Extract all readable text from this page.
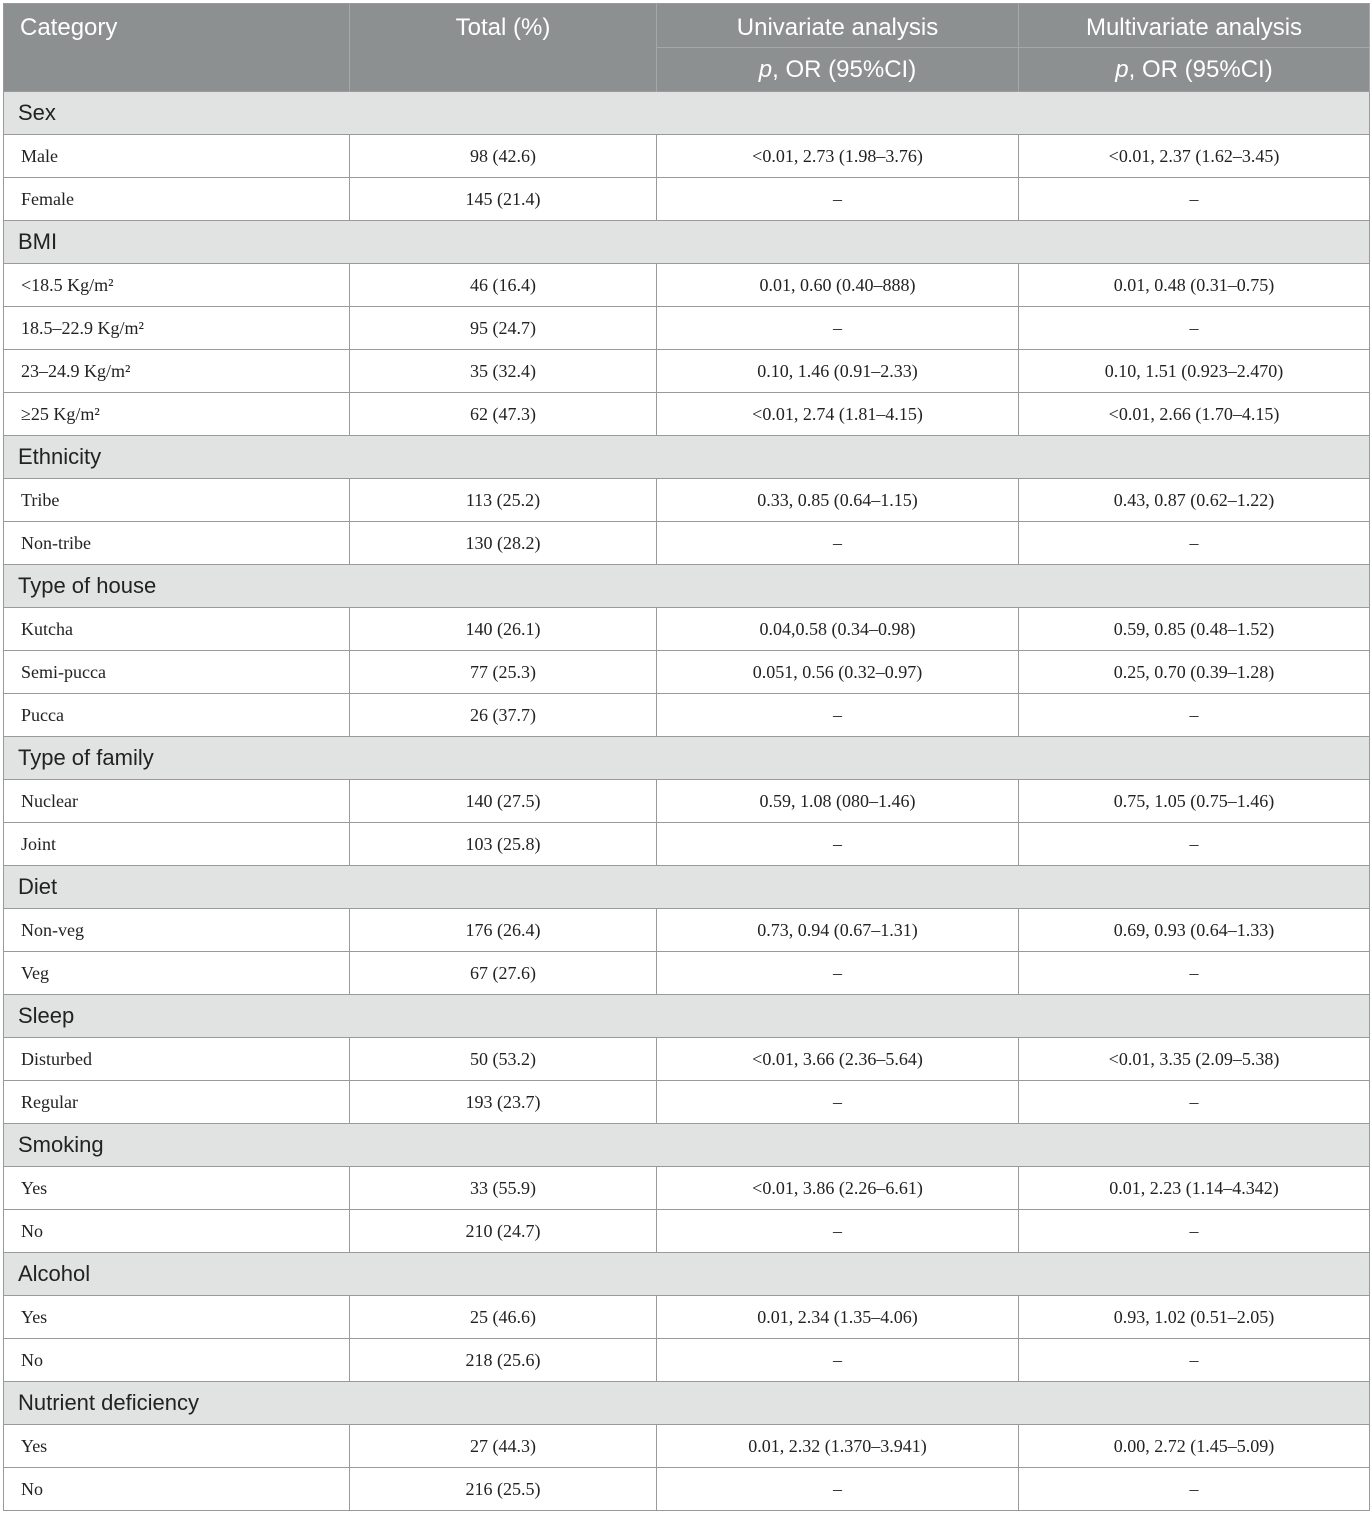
Category	Total (%)	Univariate analysis	Multivariate analysis
		p, OR (95%CI)	p, OR (95%CI)
Sex			
Male	98 (42.6)	<0.01, 2.73 (1.98–3.76)	<0.01, 2.37 (1.62–3.45)
Female	145 (21.4)	–	–
BMI			
<18.5 Kg/m²	46 (16.4)	0.01, 0.60 (0.40–888)	0.01, 0.48 (0.31–0.75)
18.5–22.9 Kg/m²	95 (24.7)	–	–
23–24.9 Kg/m²	35 (32.4)	0.10, 1.46 (0.91–2.33)	0.10, 1.51 (0.923–2.470)
≥25 Kg/m²	62 (47.3)	<0.01, 2.74 (1.81–4.15)	<0.01, 2.66 (1.70–4.15)
Ethnicity			
Tribe	113 (25.2)	0.33, 0.85 (0.64–1.15)	0.43, 0.87 (0.62–1.22)
Non-tribe	130 (28.2)	–	–
Type of house			
Kutcha	140 (26.1)	0.04,0.58 (0.34–0.98)	0.59, 0.85 (0.48–1.52)
Semi-pucca	77 (25.3)	0.051, 0.56 (0.32–0.97)	0.25, 0.70 (0.39–1.28)
Pucca	26 (37.7)	–	–
Type of family			
Nuclear	140 (27.5)	0.59, 1.08 (080–1.46)	0.75, 1.05 (0.75–1.46)
Joint	103 (25.8)	–	–
Diet			
Non-veg	176 (26.4)	0.73, 0.94 (0.67–1.31)	0.69, 0.93 (0.64–1.33)
Veg	67 (27.6)	–	–
Sleep			
Disturbed	50 (53.2)	<0.01, 3.66 (2.36–5.64)	<0.01, 3.35 (2.09–5.38)
Regular	193 (23.7)	–	–
Smoking			
Yes	33 (55.9)	<0.01, 3.86 (2.26–6.61)	0.01, 2.23 (1.14–4.342)
No	210 (24.7)	–	–
Alcohol			
Yes	25 (46.6)	0.01, 2.34 (1.35–4.06)	0.93, 1.02 (0.51–2.05)
No	218 (25.6)	–	–
Nutrient deficiency			
Yes	27 (44.3)	0.01, 2.32 (1.370–3.941)	0.00, 2.72 (1.45–5.09)
No	216 (25.5)	–	–
